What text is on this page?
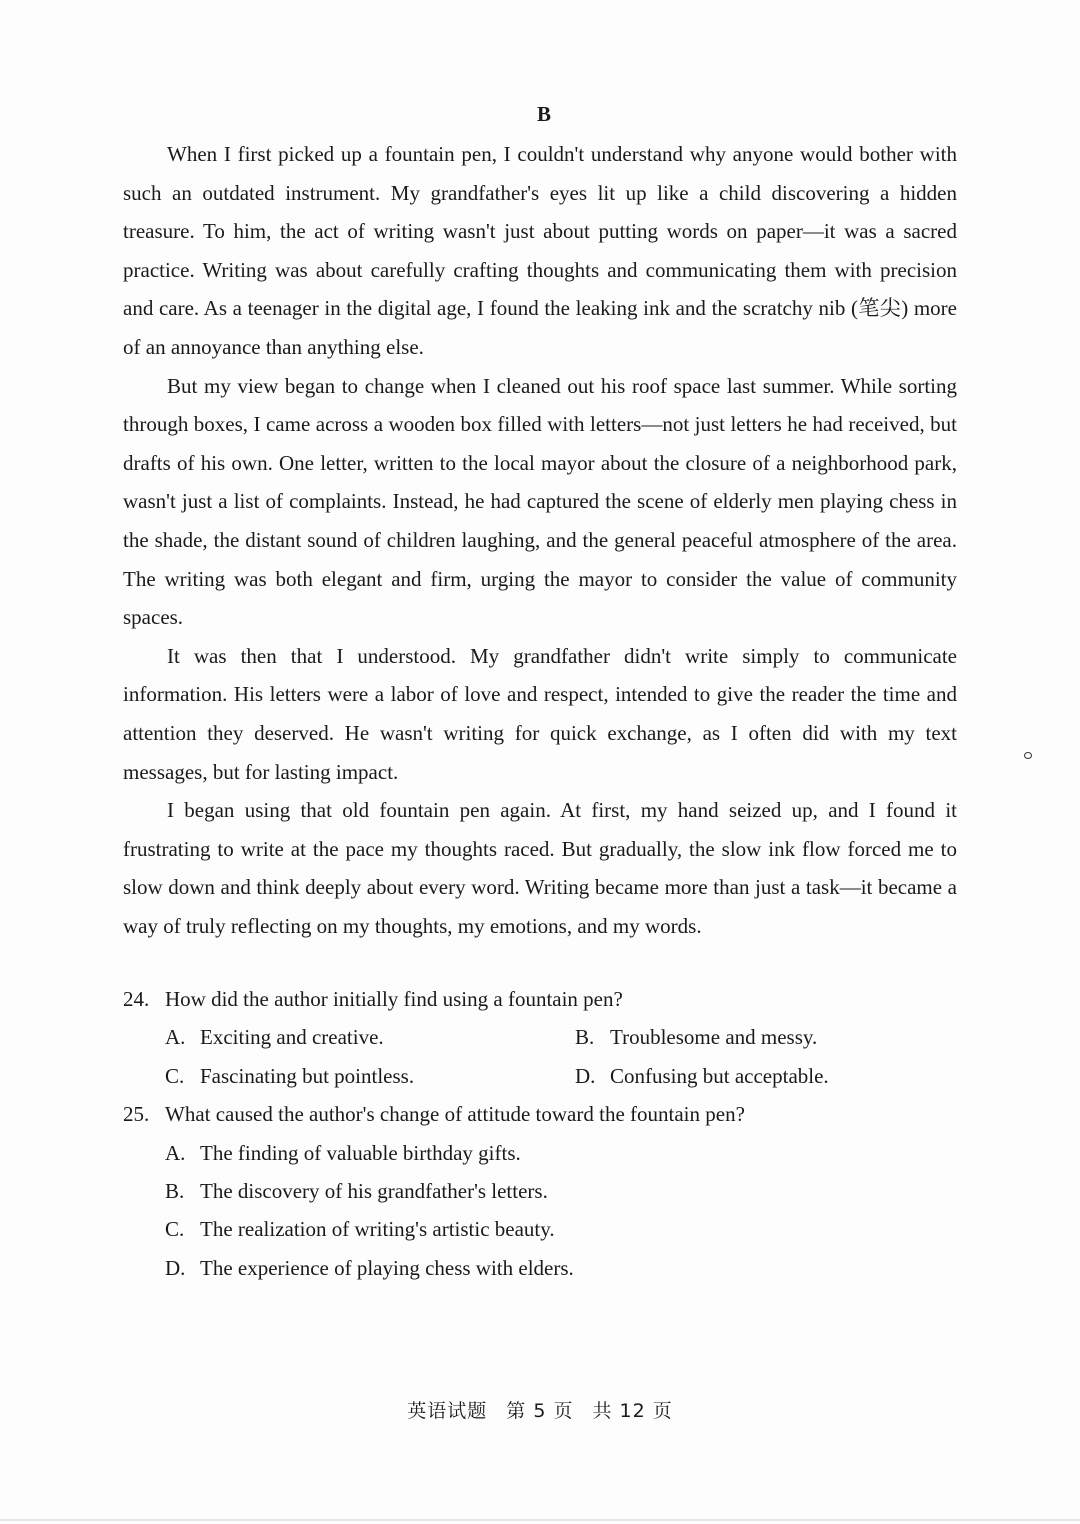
B

When I first picked up a fountain pen, I couldn't understand why anyone would bother with such an outdated instrument. My grandfather's eyes lit up like a child discovering a hidden treasure. To him, the act of writing wasn't just about putting words on paper—it was a sacred practice. Writing was about carefully crafting thoughts and communicating them with precision and care. As a teenager in the digital age, I found the leaking ink and the scratchy nib (笔尖) more of an annoyance than anything else.

But my view began to change when I cleaned out his roof space last summer. While sorting through boxes, I came across a wooden box filled with letters—not just letters he had received, but drafts of his own. One letter, written to the local mayor about the closure of a neighborhood park, wasn't just a list of complaints. Instead, he had captured the scene of elderly men playing chess in the shade, the distant sound of children laughing, and the general peaceful atmosphere of the area. The writing was both elegant and firm, urging the mayor to consider the value of community spaces.

It was then that I understood. My grandfather didn't write simply to communicate information. His letters were a labor of love and respect, intended to give the reader the time and attention they deserved. He wasn't writing for quick exchange, as I often did with my text messages, but for lasting impact.

I began using that old fountain pen again. At first, my hand seized up, and I found it frustrating to write at the pace my thoughts raced. But gradually, the slow ink flow forced me to slow down and think deeply about every word. Writing became more than just a task—it became a way of truly reflecting on my thoughts, my emotions, and my words.

24. How did the author initially find using a fountain pen?
A. Exciting and creative.	B. Troublesome and messy.
C. Fascinating but pointless.	D. Confusing but acceptable.
25. What caused the author's change of attitude toward the fountain pen?
A. The finding of valuable birthday gifts.
B. The discovery of his grandfather's letters.
C. The realization of writing's artistic beauty.
D. The experience of playing chess with elders.
英语试题 第 5 页 共 12 页
